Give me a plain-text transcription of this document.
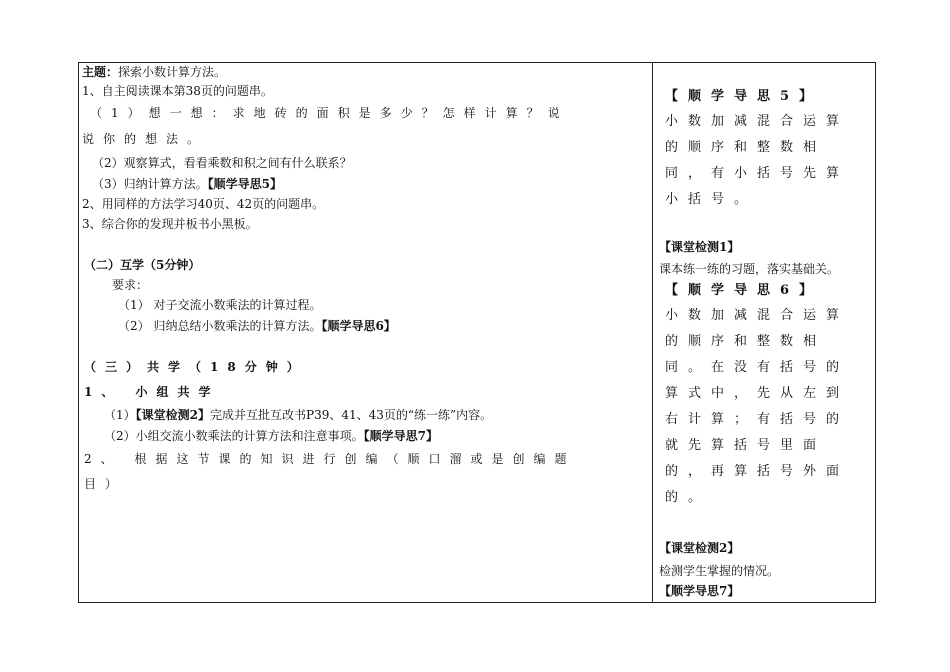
主题：探索小数计算方法。
1、自主阅读课本第38页的问题串。
（1）想一想：求地砖的面积是多少？怎样计算？说
说你的想法。
（2）观察算式，看看乘数和积之间有什么联系？
（3）归纳计算方法。【顺学导思5】
2、用同样的方法学习40页、42页的问题串。
3、综合你的发现并板书小黑板。
（二）互学（5分钟）
要求：
（1） 对子交流小数乘法的计算过程。
（2） 归纳总结小数乘法的计算方法。【顺学导思6】
（三）共学（18分钟）
1、 小组共学
（1）【课堂检测2】完成并互批互改书P39、41、43页的“练一练”内容。
（2）小组交流小数乘法的计算方法和注意事项。【顺学导思7】
2、 根据这节课的知识进行创编（顺口溜或是创编题
目）
【顺学导思5】
小数加减混合运算
的顺序和整数相
同，有小括号先算
小括号。
【课堂检测1】
课本练一练的习题，落实基础关。
【顺学导思6】
小数加减混合运算
的顺序和整数相
同。在没有括号的
算式中，先从左到
右计算；有括号的
就先算括号里面
的，再算括号外面
的。
【课堂检测2】
检测学生掌握的情况。
【顺学导思7】
